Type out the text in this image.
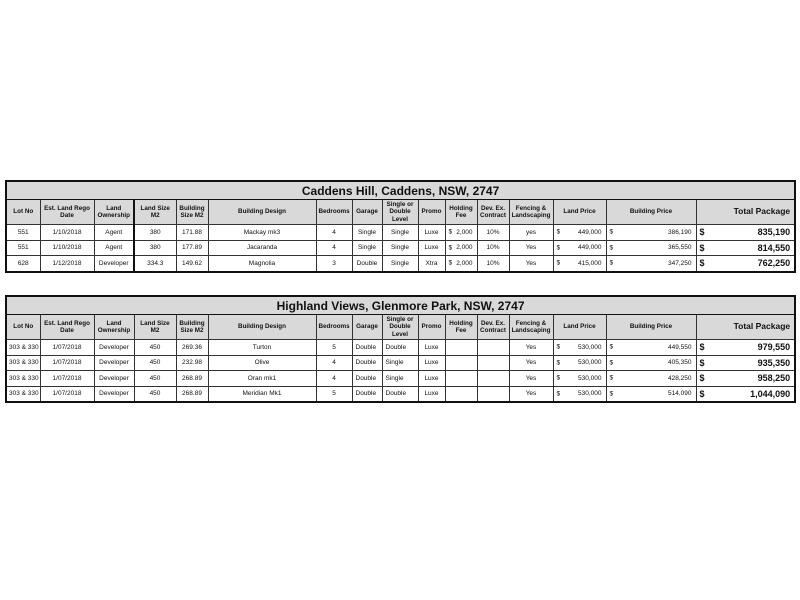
Caddens Hill, Caddens, NSW, 2747															
Lot No	Est. Land Rego Date	Land Ownership	Land Size M2	Building Size M2	Building Design	Bedrooms	Garage	Single or Double Level	Promo	Holding Fee	Dev. Ex. Contract	Fencing & Landscaping	Land Price	Building Price	Total Package
551	1/10/2018	Agent	380	171.88	Mackay mk3	4	Single	Single	Luxe	$ 2,000	10%	yes	$ 449,000	$ 386,190	$ 835,190
551	1/10/2018	Agent	380	177.89	Jacaranda	4	Single	Single	Luxe	$ 2,000	10%	Yes	$ 449,000	$ 365,550	$ 814,550
628	1/12/2018	Developer	334.3	149.62	Magnolia	3	Double	Single	Xtra	$ 2,000	10%	Yes	$ 415,000	$ 347,250	$ 762,250
Highland Views, Glenmore Park, NSW, 2747															
Lot No	Est. Land Rego Date	Land Ownership	Land Size M2	Building Size M2	Building Design	Bedrooms	Garage	Single or Double Level	Promo	Holding Fee	Dev. Ex. Contract	Fencing & Landscaping	Land Price	Building Price	Total Package
303 & 330	1/07/2018	Developer	450	269.36	Turton	5	Double	Double	Luxe			Yes	$ 530,000	$ 449,550	$ 979,550
303 & 330	1/07/2018	Developer	450	232.98	Olive	4	Double	Single	Luxe			Yes	$ 530,000	$ 405,350	$ 935,350
303 & 330	1/07/2018	Developer	450	268.89	Oran mk1	4	Double	Single	Luxe			Yes	$ 530,000	$ 428,250	$ 958,250
303 & 330	1/07/2018	Developer	450	268.89	Meridian Mk1	5	Double	Double	Luxe			Yes	$ 530,000	$ 514,090	$ 1,044,090
